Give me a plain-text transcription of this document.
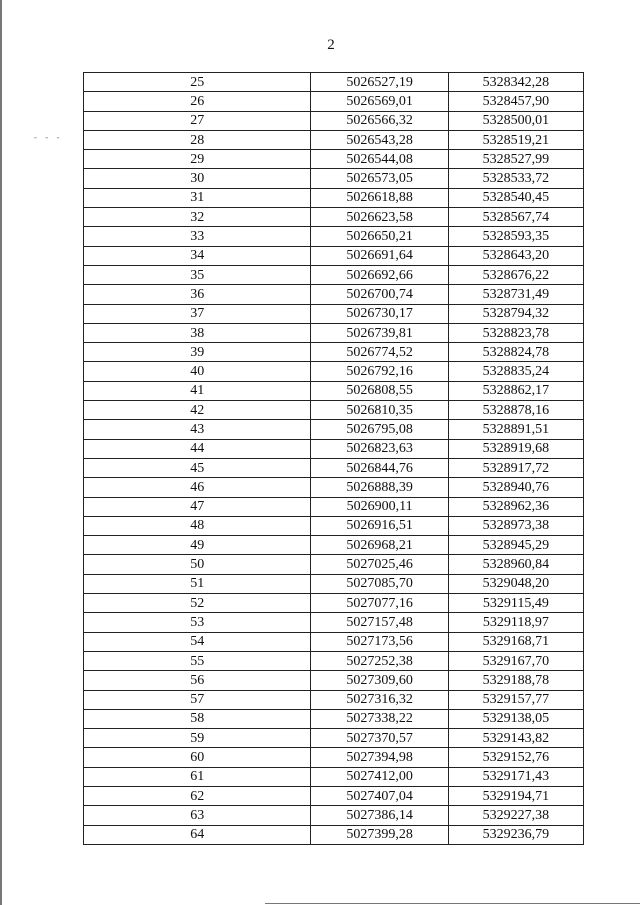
- - -
2
25	5026527,19	5328342,28
26	5026569,01	5328457,90
27	5026566,32	5328500,01
28	5026543,28	5328519,21
29	5026544,08	5328527,99
30	5026573,05	5328533,72
31	5026618,88	5328540,45
32	5026623,58	5328567,74
33	5026650,21	5328593,35
34	5026691,64	5328643,20
35	5026692,66	5328676,22
36	5026700,74	5328731,49
37	5026730,17	5328794,32
38	5026739,81	5328823,78
39	5026774,52	5328824,78
40	5026792,16	5328835,24
41	5026808,55	5328862,17
42	5026810,35	5328878,16
43	5026795,08	5328891,51
44	5026823,63	5328919,68
45	5026844,76	5328917,72
46	5026888,39	5328940,76
47	5026900,11	5328962,36
48	5026916,51	5328973,38
49	5026968,21	5328945,29
50	5027025,46	5328960,84
51	5027085,70	5329048,20
52	5027077,16	5329115,49
53	5027157,48	5329118,97
54	5027173,56	5329168,71
55	5027252,38	5329167,70
56	5027309,60	5329188,78
57	5027316,32	5329157,77
58	5027338,22	5329138,05
59	5027370,57	5329143,82
60	5027394,98	5329152,76
61	5027412,00	5329171,43
62	5027407,04	5329194,71
63	5027386,14	5329227,38
64	5027399,28	5329236,79
